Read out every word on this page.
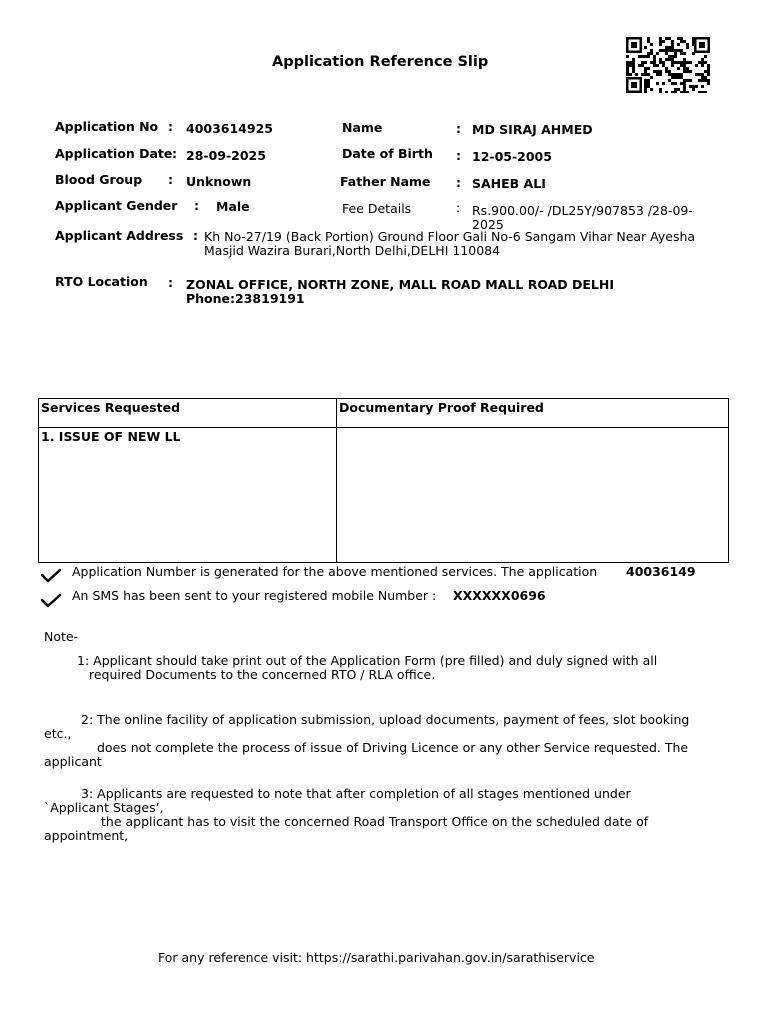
Application Reference Slip
Application No : 4003614925
Application Date : 28-09-2025
Blood Group : Unknown
Applicant Gender : Male
Name	: MD SIRAJ AHMED
Date of Birth : 12-05-2005
Father Name : SAHEB ALI
Fee Details	: Rs.900.00/- /DL25Y/907853 /28-09-
2025
Applicant Address : Kh No-27/19 (Back Portion) Ground Floor Gali No-6 Sangam Vihar Near Ayesha
Masjid Wazira Burari,North Delhi,DELHI 110084
RTO Location : ZONAL OFFICE, NORTH ZONE, MALL ROAD MALL ROAD DELHI
Phone:23819191
Services Requested	Documentary Proof Required
1. ISSUE OF NEW LL	
Application Number is generated for the above mentioned services. The application 40036149
An SMS has been sent to your registered mobile Number : XXXXXX0696
Note-
1: Applicant should take print out of the Application Form (pre filled) and duly signed with all
required Documents to the concerned RTO / RLA office.
2: The online facility of application submission, upload documents, payment of fees, slot booking
etc.,
does not complete the process of issue of Driving Licence or any other Service requested. The
applicant
3: Applicants are requested to note that after completion of all stages mentioned under
`Applicant Stages’,
the applicant has to visit the concerned Road Transport Office on the scheduled date of
appointment,
For any reference visit: https://sarathi.parivahan.gov.in/sarathiservice
